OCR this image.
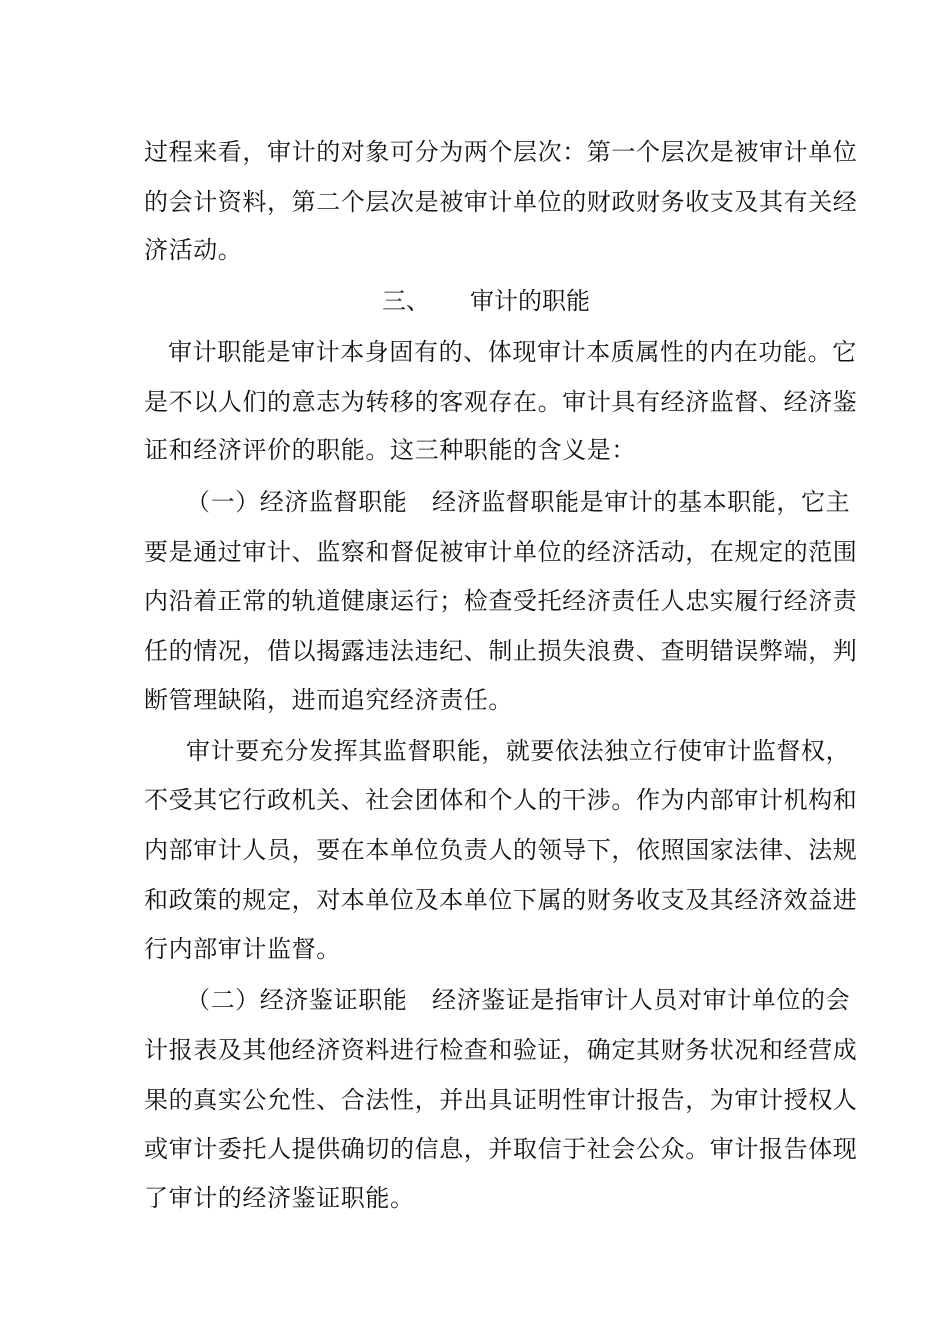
过程来看，审计的对象可分为两个层次：第一个层次是被审计单位
的会计资料，第二个层次是被审计单位的财政财务收支及其有关经
济活动。
三、 审计的职能
审计职能是审计本身固有的、体现审计本质属性的内在功能。它
是不以人们的意志为转移的客观存在。审计具有经济监督、经济鉴
证和经济评价的职能。这三种职能的含义是：
（一）经济监督职能　经济监督职能是审计的基本职能，它主
要是通过审计、监察和督促被审计单位的经济活动，在规定的范围
内沿着正常的轨道健康运行；检查受托经济责任人忠实履行经济责
任的情况，借以揭露违法违纪、制止损失浪费、查明错误弊端，判
断管理缺陷，进而追究经济责任。
审计要充分发挥其监督职能，就要依法独立行使审计监督权，
不受其它行政机关、社会团体和个人的干涉。作为内部审计机构和
内部审计人员，要在本单位负责人的领导下，依照国家法律、法规
和政策的规定，对本单位及本单位下属的财务收支及其经济效益进
行内部审计监督。
（二）经济鉴证职能　经济鉴证是指审计人员对审计单位的会
计报表及其他经济资料进行检查和验证，确定其财务状况和经营成
果的真实公允性、合法性，并出具证明性审计报告，为审计授权人
或审计委托人提供确切的信息，并取信于社会公众。审计报告体现
了审计的经济鉴证职能。
